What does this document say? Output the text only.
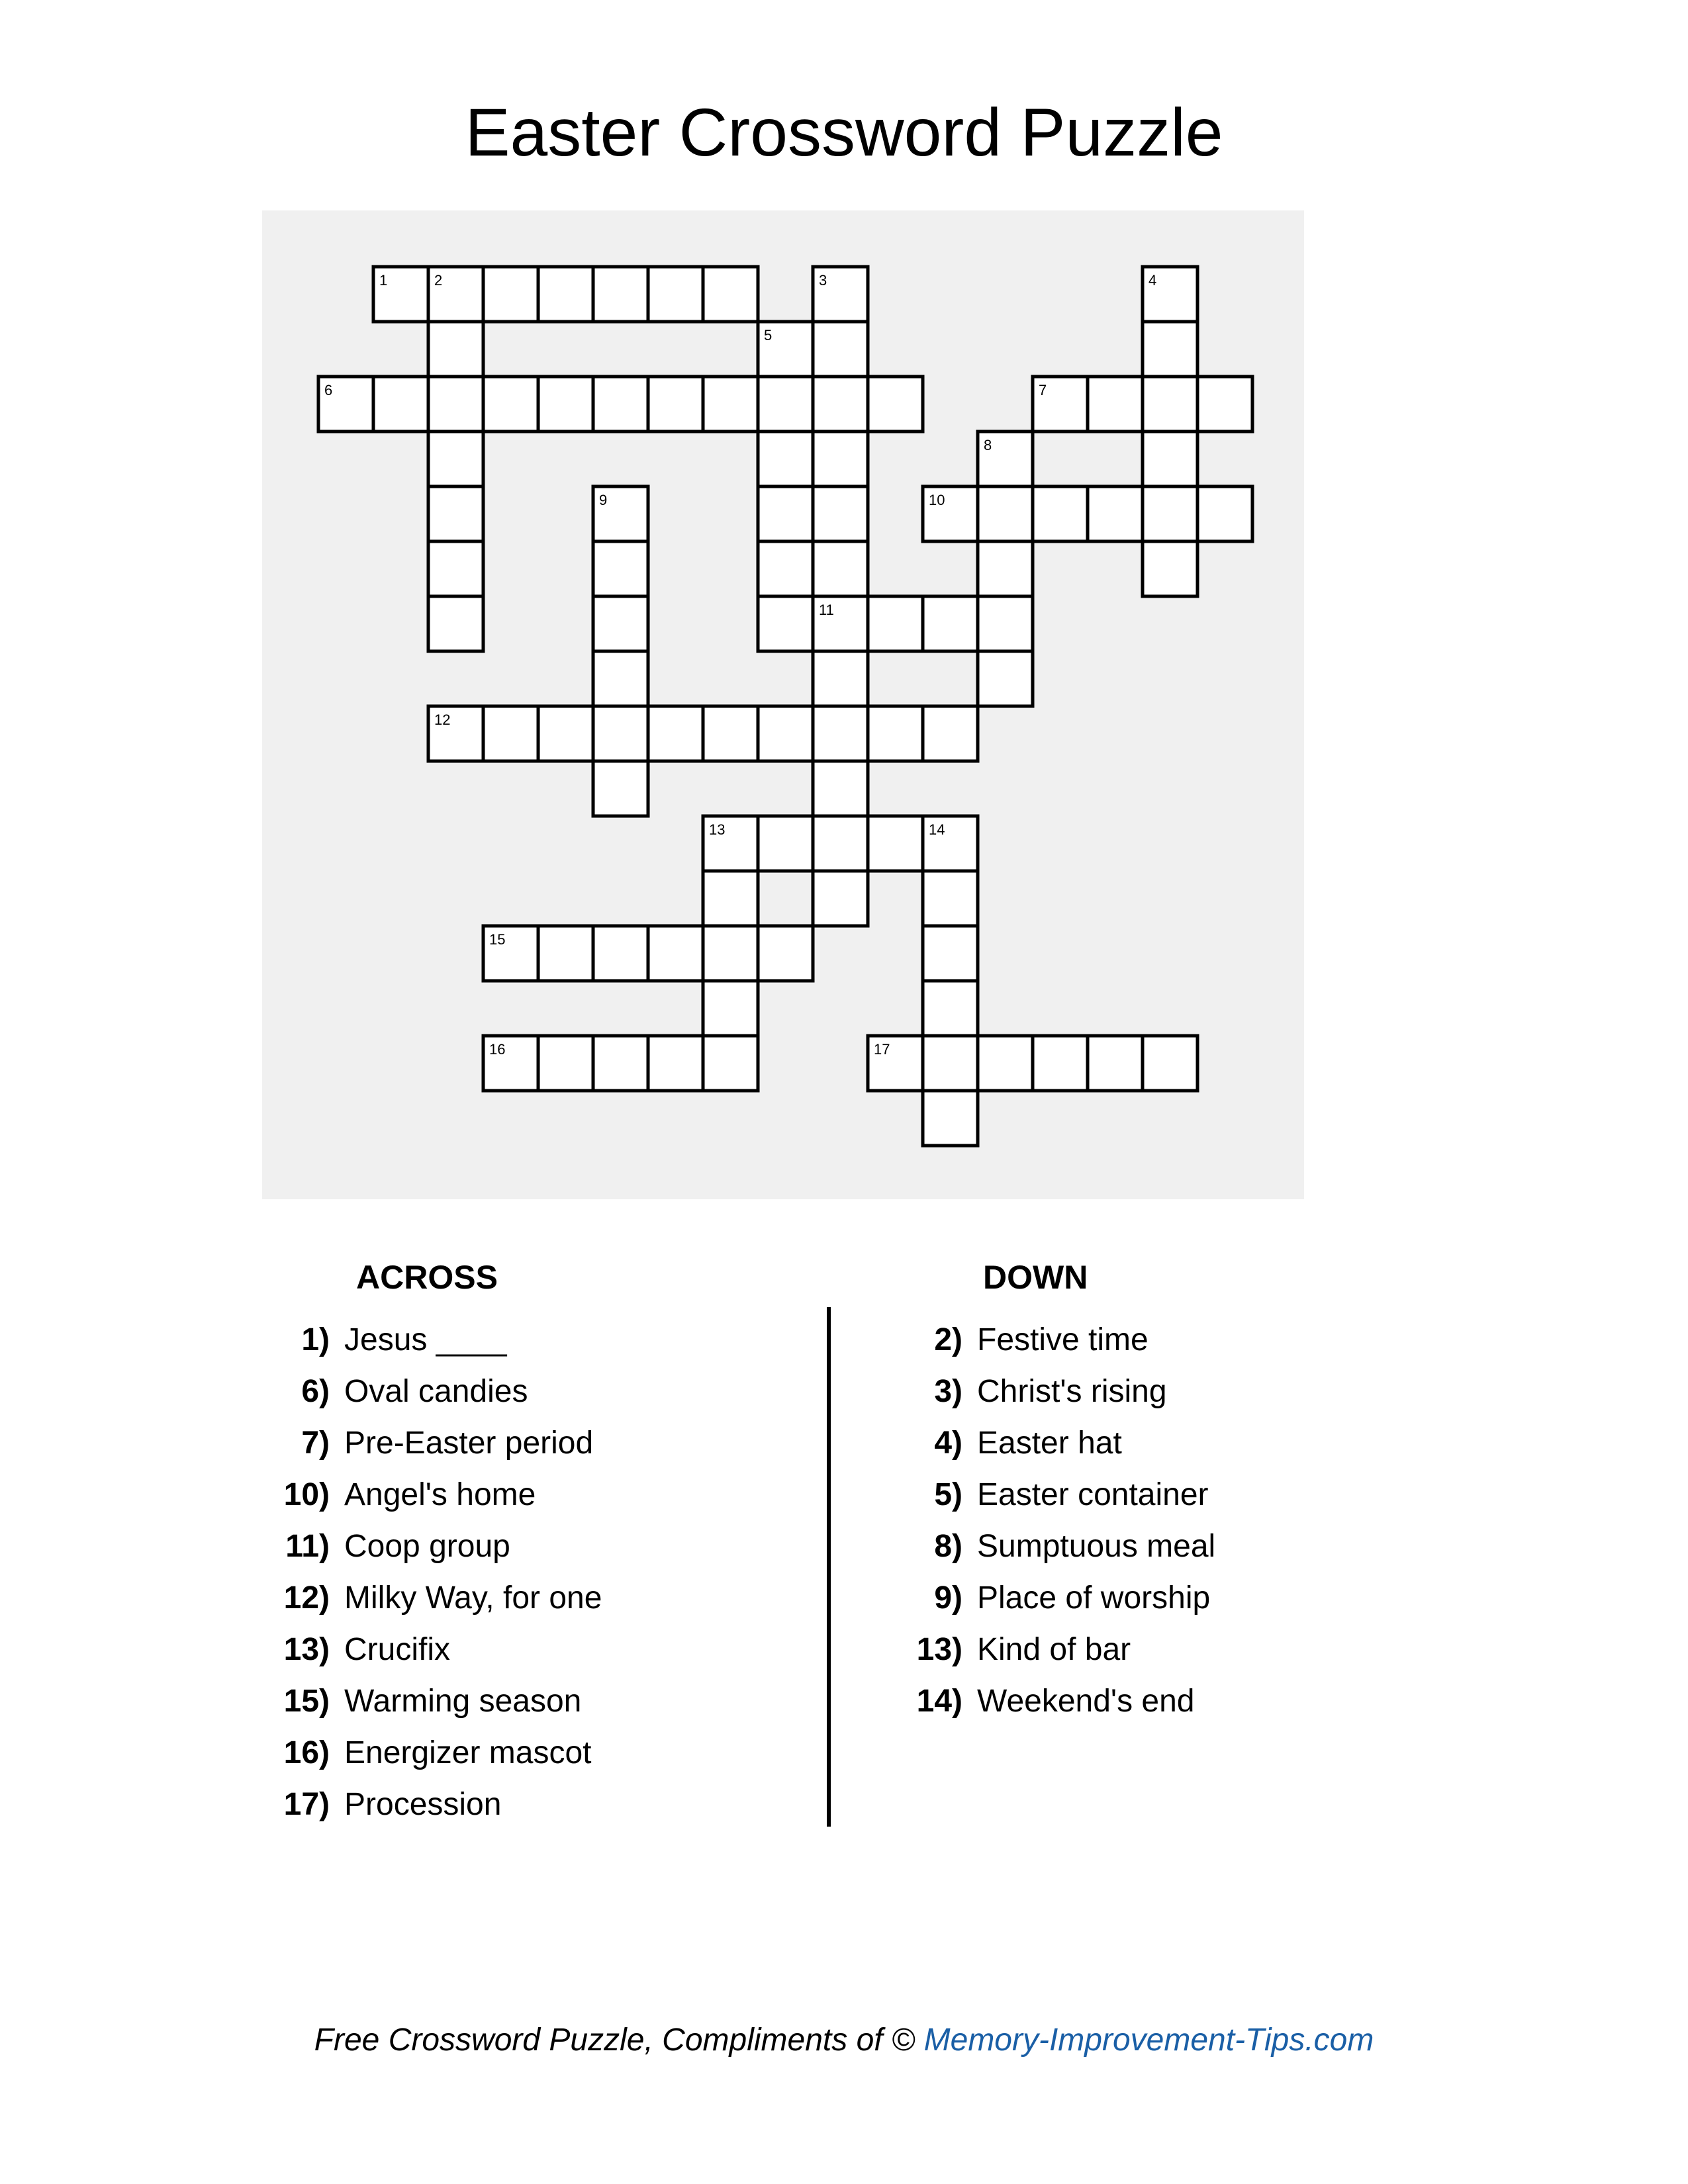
Easter Crossword Puzzle
1	2	3	4
5
6	7
8
9	10
11
12
13	14
15
16	17
ACROSS	DOWN
1) Jesus ____
6) Oval candies
7) Pre-Easter period
10) Angel's home
11) Coop group
12) Milky Way, for one
13) Crucifix
15) Warming season
16) Energizer mascot
17) Procession
2) Festive time
3) Christ's rising
4) Easter hat
5) Easter container
8) Sumptuous meal
9) Place of worship
13) Kind of bar
14) Weekend's end
Free Crossword Puzzle, Compliments of © Memory-Improvement-Tips.com
